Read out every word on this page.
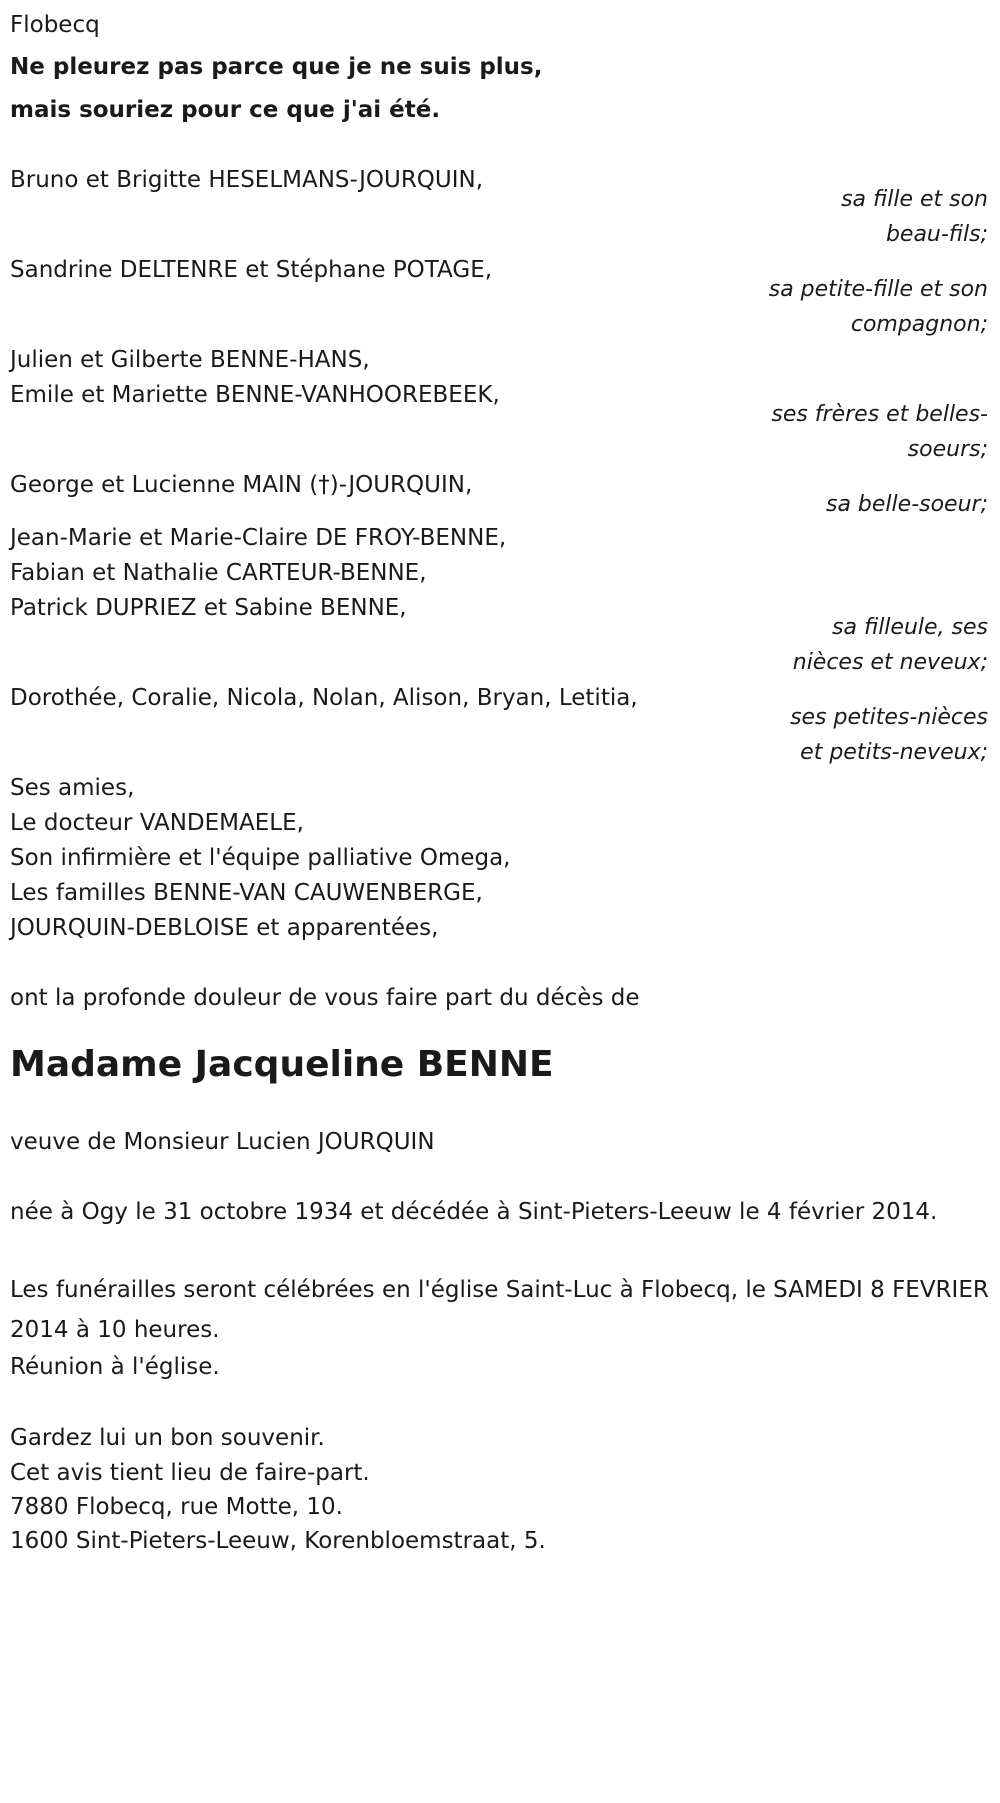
Flobecq

Ne pleurez pas parce que je ne suis plus,

mais souriez pour ce que j'ai été.

Bruno et Brigitte HESELMANS-JOURQUIN,

sa fille et son

beau-fils;

Sandrine DELTENRE et Stéphane POTAGE,

sa petite-fille et son

compagnon;

Julien et Gilberte BENNE-HANS,

Emile et Mariette BENNE-VANHOOREBEEK,

ses frères et belles-

soeurs;

George et Lucienne MAIN (†)-JOURQUIN,

sa belle-soeur;

Jean-Marie et Marie-Claire DE FROY-BENNE,

Fabian et Nathalie CARTEUR-BENNE,

Patrick DUPRIEZ et Sabine BENNE,

sa filleule, ses

nièces et neveux;

Dorothée, Coralie, Nicola, Nolan, Alison, Bryan, Letitia,

ses petites-nièces

et petits-neveux;

Ses amies,

Le docteur VANDEMAELE,

Son infirmière et l'équipe palliative Omega,

Les familles BENNE-VAN CAUWENBERGE,

JOURQUIN-DEBLOISE et apparentées,

ont la profonde douleur de vous faire part du décès de

Madame Jacqueline BENNE

veuve de Monsieur Lucien JOURQUIN

née à Ogy le 31 octobre 1934 et décédée à Sint-Pieters-Leeuw le 4 février 2014.

Les funérailles seront célébrées en l'église Saint-Luc à Flobecq, le SAMEDI 8 FEVRIER 2014 à 10 heures.

Réunion à l'église.

Gardez lui un bon souvenir.

Cet avis tient lieu de faire-part.

7880 Flobecq, rue Motte, 10.

1600 Sint-Pieters-Leeuw, Korenbloemstraat, 5.
